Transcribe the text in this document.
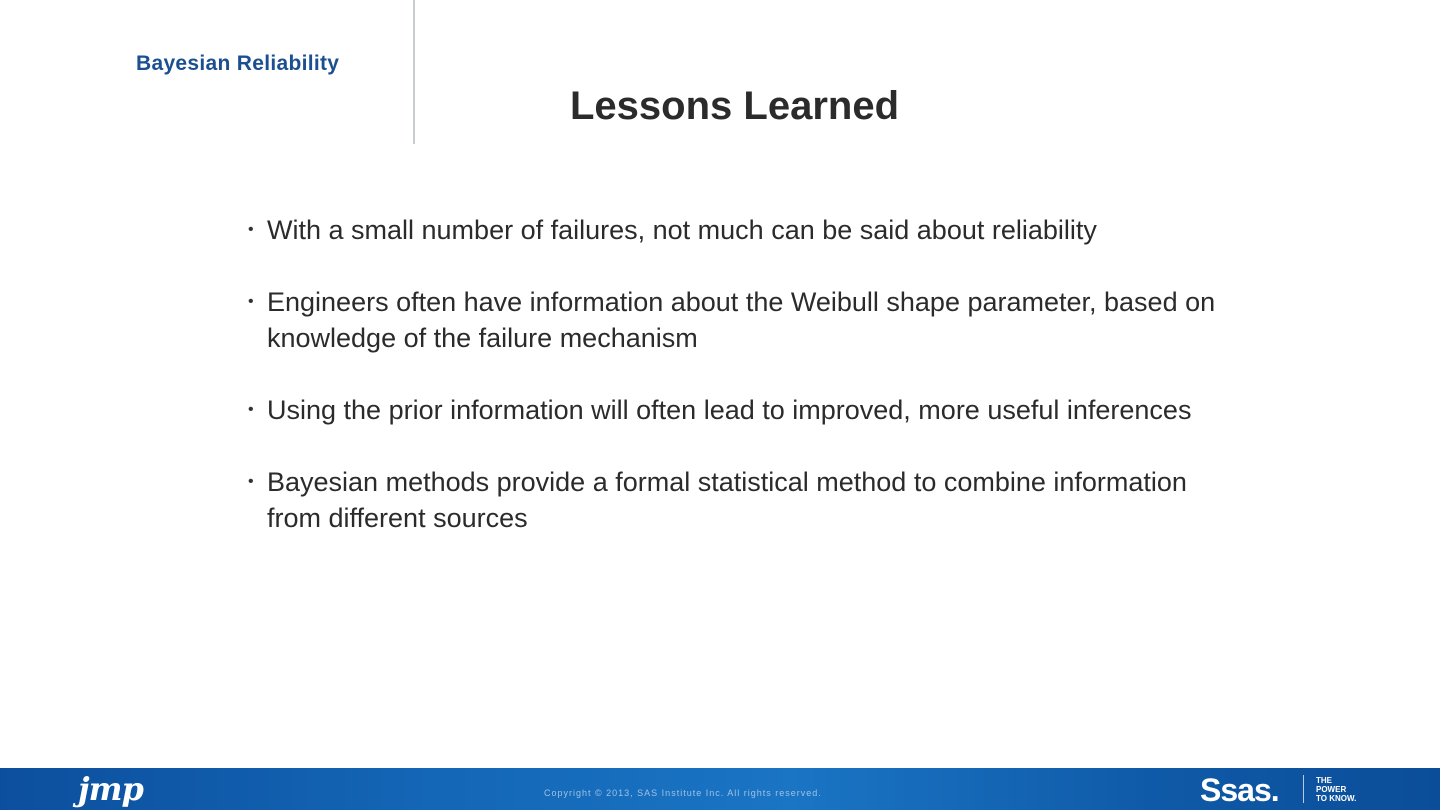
Bayesian Reliability
Lessons Learned
• With a small number of failures, not much can be said about reliability
• Engineers often have information about the Weibull shape parameter, based on knowledge of the failure mechanism
• Using the prior information will often lead to improved, more useful inferences
• Bayesian methods provide a formal statistical method to combine information from different sources
jmp	Copyright © 2013, SAS Institute Inc. All rights reserved.	Ssas.	THE
POWER
TO KNOW.
